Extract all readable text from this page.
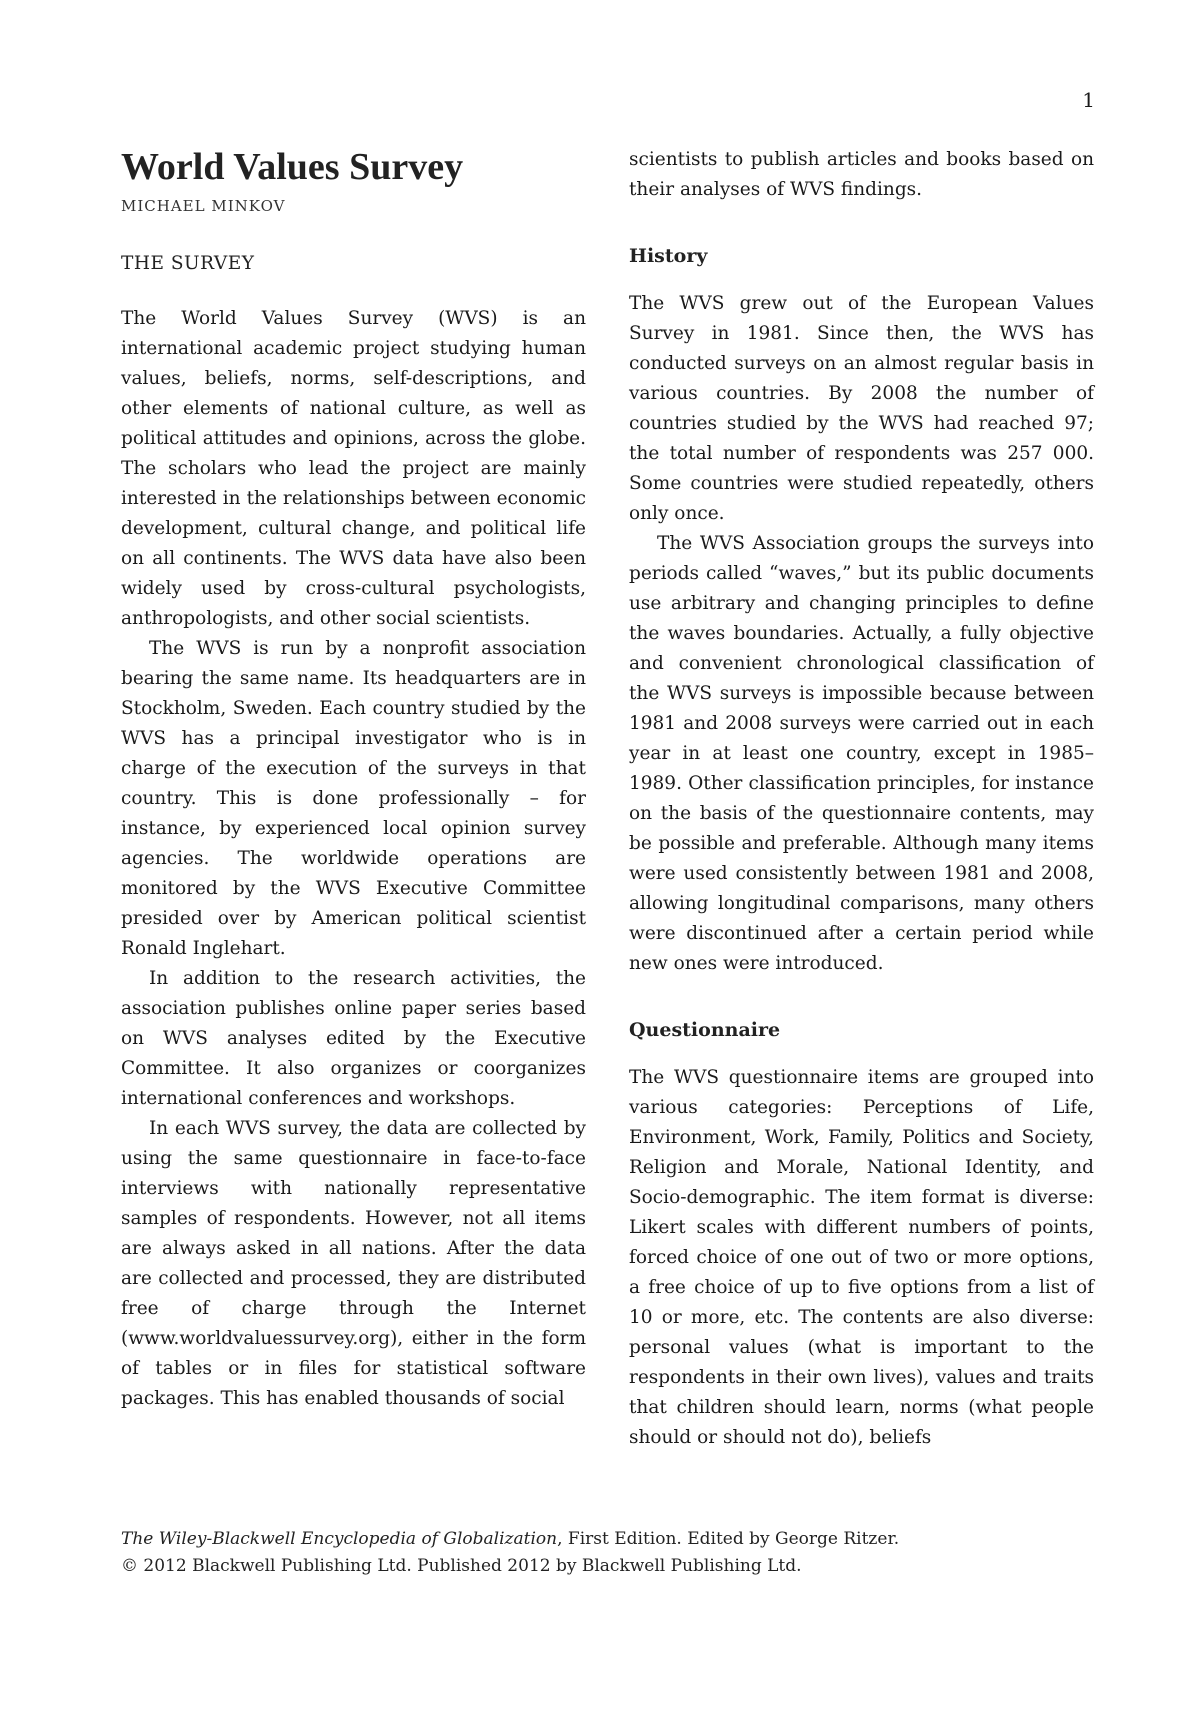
1
World Values Survey
MICHAEL MINKOV
THE SURVEY

The World Values Survey (WVS) is an international academic project studying human values, beliefs, norms, self-descriptions, and other elements of national culture, as well as political attitudes and opinions, across the globe. The scholars who lead the project are mainly interested in the relationships between economic development, cultural change, and political life on all continents. The WVS data have also been widely used by cross-cultural psychologists, anthropologists, and other social scientists.

The WVS is run by a nonprofit association bearing the same name. Its headquarters are in Stockholm, Sweden. Each country studied by the WVS has a principal investigator who is in charge of the execution of the surveys in that country. This is done professionally – for instance, by experienced local opinion survey agencies. The worldwide operations are monitored by the WVS Executive Committee presided over by American political scientist Ronald Inglehart.

In addition to the research activities, the association publishes online paper series based on WVS analyses edited by the Executive Committee. It also organizes or coorganizes international conferences and workshops.

In each WVS survey, the data are collected by using the same questionnaire in face-to-face interviews with nationally representative samples of respondents. However, not all items are always asked in all nations. After the data are collected and processed, they are distributed free of charge through the Internet (www.worldvaluessurvey.org), either in the form of tables or in files for statistical software packages. This has enabled thousands of social

scientists to publish articles and books based on their analyses of WVS findings.

History

The WVS grew out of the European Values Survey in 1981. Since then, the WVS has conducted surveys on an almost regular basis in various countries. By 2008 the number of countries studied by the WVS had reached 97; the total number of respondents was 257 000. Some countries were studied repeatedly, others only once.

The WVS Association groups the surveys into periods called “waves,” but its public documents use arbitrary and changing principles to define the waves boundaries. Actually, a fully objective and convenient chronological classification of the WVS surveys is impossible because between 1981 and 2008 surveys were carried out in each year in at least one country, except in 1985–1989. Other classification principles, for instance on the basis of the questionnaire contents, may be possible and preferable. Although many items were used consistently between 1981 and 2008, allowing longitudinal comparisons, many others were discontinued after a certain period while new ones were introduced.

Questionnaire

The WVS questionnaire items are grouped into various categories: Perceptions of Life, Environment, Work, Family, Politics and Society, Religion and Morale, National Identity, and Socio-demographic. The item format is diverse: Likert scales with different numbers of points, forced choice of one out of two or more options, a free choice of up to five options from a list of 10 or more, etc. The contents are also diverse: personal values (what is important to the respondents in their own lives), values and traits that children should learn, norms (what people should or should not do), beliefs

The Wiley-Blackwell Encyclopedia of Globalization, First Edition. Edited by George Ritzer.
© 2012 Blackwell Publishing Ltd. Published 2012 by Blackwell Publishing Ltd.
